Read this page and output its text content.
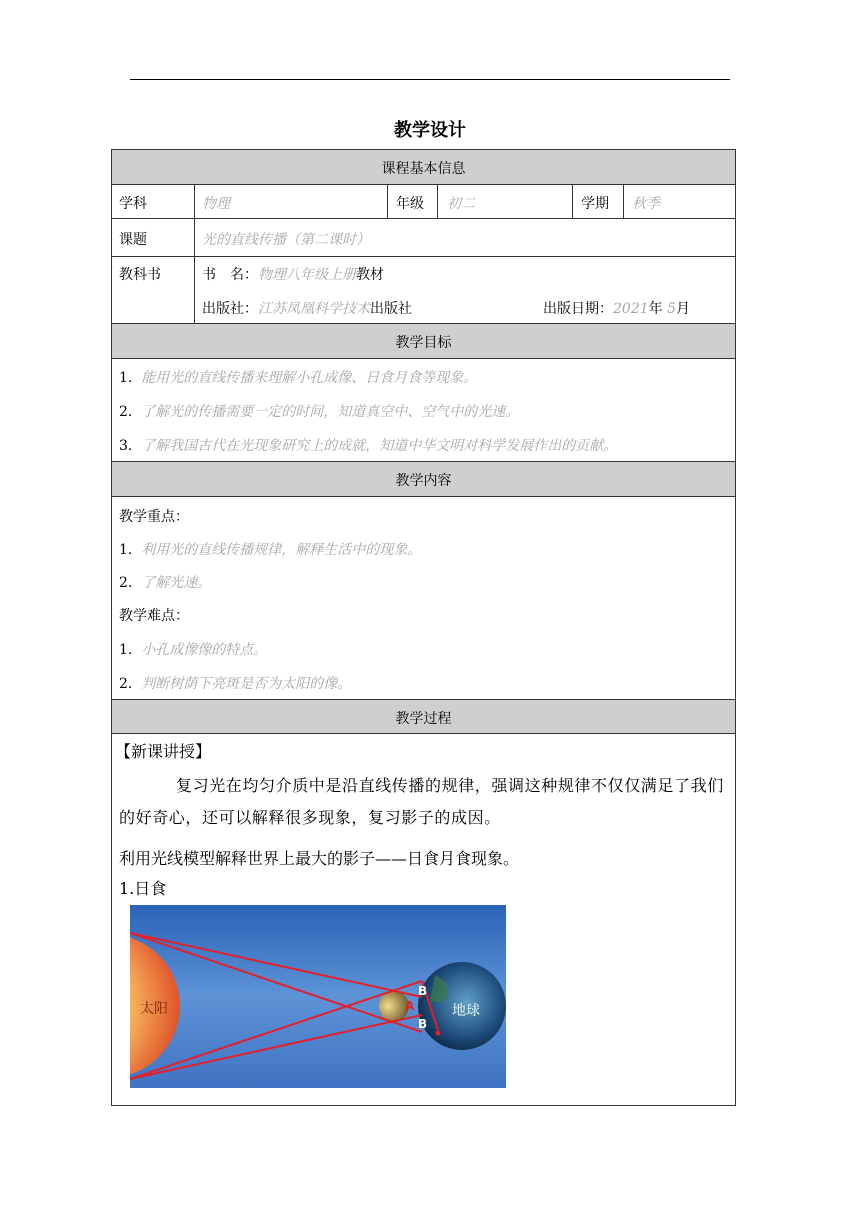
教学设计
课程基本信息
学科	物理	年级 初二	学期 秋季
课题	光的直线传播（第二课时）
教科书	书　名：物理八年级上册教材
出版社：江苏凤凰科学技术出版社	出版日期：2021年 5月
教学目标
1. 能用光的直线传播来理解小孔成像、日食月食等现象。
2. 了解光的传播需要一定的时间，知道真空中、空气中的光速。
3. 了解我国古代在光现象研究上的成就，知道中华文明对科学发展作出的贡献。
教学内容
教学重点：
1. 利用光的直线传播规律，解释生活中的现象。
2. 了解光速。
教学难点：
1. 小孔成像像的特点。
2. 判断树荫下亮斑是否为太阳的像。
教学过程
【新课讲授】
复习光在均匀介质中是沿直线传播的规律，强调这种规律不仅仅满足了我们的好奇心，还可以解释很多现象，复习影子的成因。
利用光线模型解释世界上最大的影子——日食月食现象。
1.日食
太阳	地球
B
A
B
